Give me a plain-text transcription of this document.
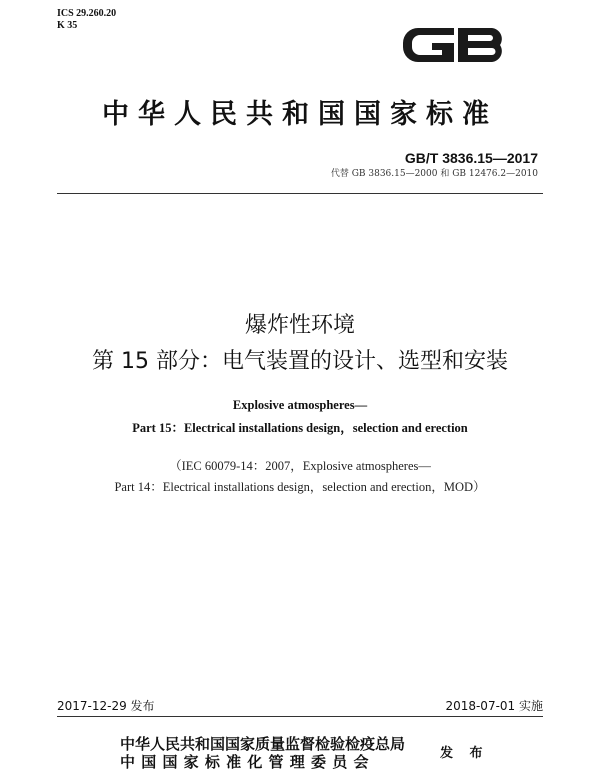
ICS 29.260.20
K 35
中华人民共和国国家标准
GB/T 3836.15—2017
代替 GB 3836.15—2000 和 GB 12476.2—2010
爆炸性环境
第 15 部分：电气装置的设计、选型和安装
Explosive atmospheres—
Part 15：Electrical installations design，selection and erection
（IEC 60079-14：2007，Explosive atmospheres—
Part 14：Electrical installations design，selection and erection，MOD）
2017-12-29 发布	2018-07-01 实施
中华人民共和国国家质量监督检验检疫总局
中 国 国 家 标 准 化 管 理 委 员 会	发 布
